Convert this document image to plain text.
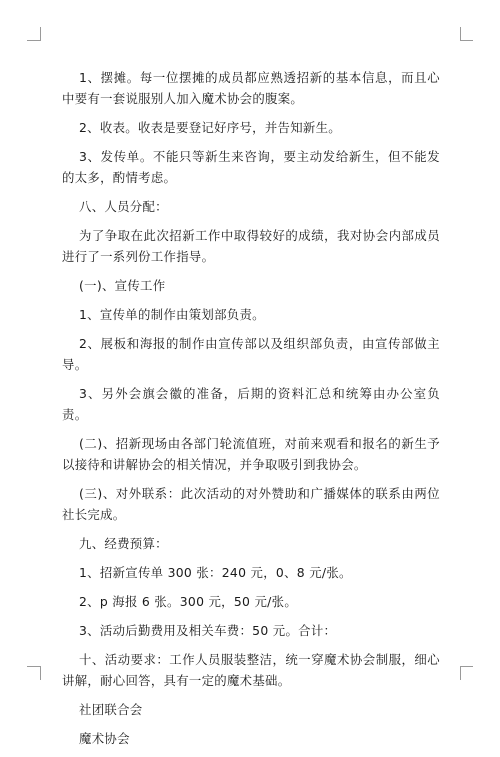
1、摆摊。每一位摆摊的成员都应熟透招新的基本信息，而且心中要有一套说服别人加入魔术协会的腹案。

2、收表。收表是要登记好序号，并告知新生。

3、发传单。不能只等新生来咨询，要主动发给新生，但不能发的太多，酌情考虑。

八、人员分配：

为了争取在此次招新工作中取得较好的成绩，我对协会内部成员进行了一系列份工作指导。

(一)、宣传工作

1、宣传单的制作由策划部负责。

2、展板和海报的制作由宣传部以及组织部负责，由宣传部做主导。

3、另外会旗会徽的准备，后期的资料汇总和统筹由办公室负责。

(二)、招新现场由各部门轮流值班，对前来观看和报名的新生予以接待和讲解协会的相关情况，并争取吸引到我协会。

(三)、对外联系：此次活动的对外赞助和广播媒体的联系由两位社长完成。

九、经费预算：

1、招新宣传单 300 张：240 元，0、8 元/张。

2、p 海报 6 张。300 元，50 元/张。

3、活动后勤费用及相关车费：50 元。合计：

十、活动要求：工作人员服装整洁，统一穿魔术协会制服，细心讲解，耐心回答，具有一定的魔术基础。

社团联合会

魔术协会
